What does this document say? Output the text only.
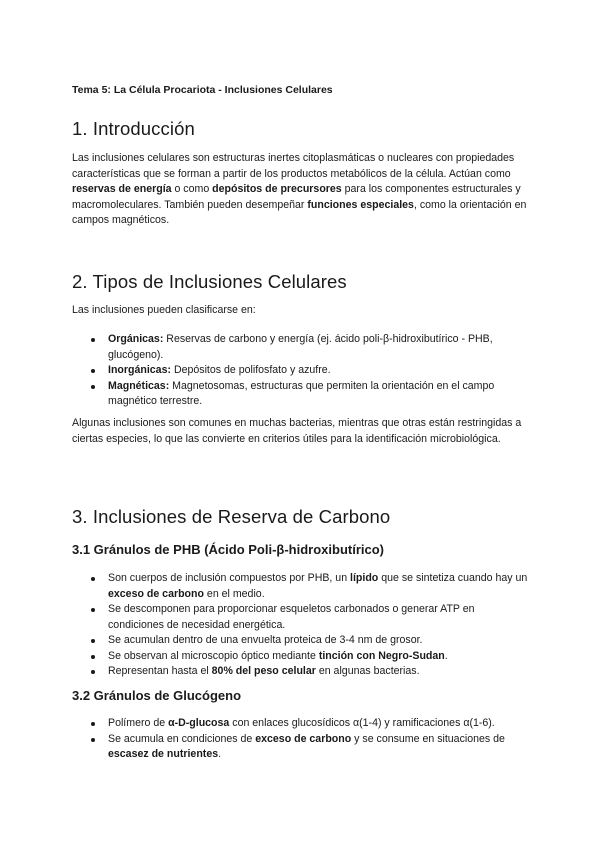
Tema 5: La Célula Procariota - Inclusiones Celulares

1. Introducción

Las inclusiones celulares son estructuras inertes citoplasmáticas o nucleares con propiedades características que se forman a partir de los productos metabólicos de la célula. Actúan como reservas de energía o como depósitos de precursores para los componentes estructurales y macromoleculares. También pueden desempeñar funciones especiales, como la orientación en campos magnéticos.

2. Tipos de Inclusiones Celulares

Las inclusiones pueden clasificarse en:

Orgánicas: Reservas de carbono y energía (ej. ácido poli-β-hidroxibutírico - PHB, glucógeno).
Inorgánicas: Depósitos de polifosfato y azufre.
Magnéticas: Magnetosomas, estructuras que permiten la orientación en el campo magnético terrestre.

Algunas inclusiones son comunes en muchas bacterias, mientras que otras están restringidas a ciertas especies, lo que las convierte en criterios útiles para la identificación microbiológica.

3. Inclusiones de Reserva de Carbono
3.1 Gránulos de PHB (Ácido Poli-β-hidroxibutírico)
Son cuerpos de inclusión compuestos por PHB, un lípido que se sintetiza cuando hay un exceso de carbono en el medio.
Se descomponen para proporcionar esqueletos carbonados o generar ATP en condiciones de necesidad energética.
Se acumulan dentro de una envuelta proteica de 3-4 nm de grosor.
Se observan al microscopio óptico mediante tinción con Negro-Sudan.
Representan hasta el 80% del peso celular en algunas bacterias.
3.2 Gránulos de Glucógeno
Polímero de α-D-glucosa con enlaces glucosídicos α(1-4) y ramificaciones α(1-6).
Se acumula en condiciones de exceso de carbono y se consume en situaciones de escasez de nutrientes.
